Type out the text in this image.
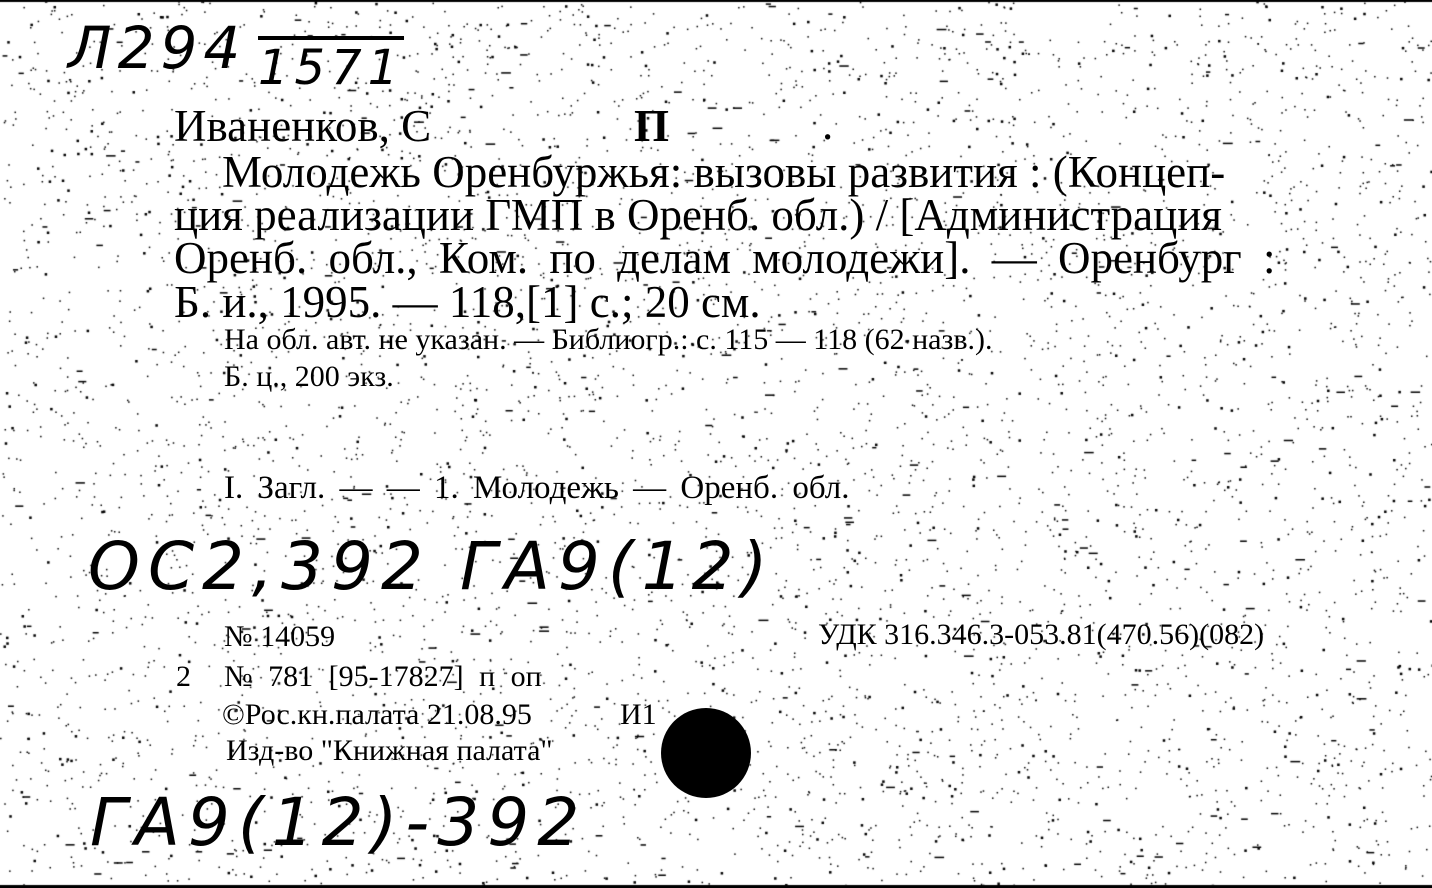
Л294 1571
Иваненков, С	П	.
Молодежь Оренбуржья: вызовы развития : (Концеп-
ция реализации ГМП в Оренб. обл.) / [Администрация
Оренб. обл., Ком. по делам молодежи]. — Оренбург :
Б. и., 1995. — 118,[1] с.; 20 см.
На обл. авт. не указан. — Библиогр.: с. 115 — 118 (62 назв.).
Б. ц., 200 экз.
I. Загл. — — 1. Молодежь — Оренб. обл.
ОС2,392 ГА9(12)
№ 14059	УДК 316.346.3-053.81(470.56)(082)
2 № 781 [95-17827] п оп
©Рос.кн.палата 21.08.95	И1
Изд-во "Книжная палата"
ГА9(12)-392
